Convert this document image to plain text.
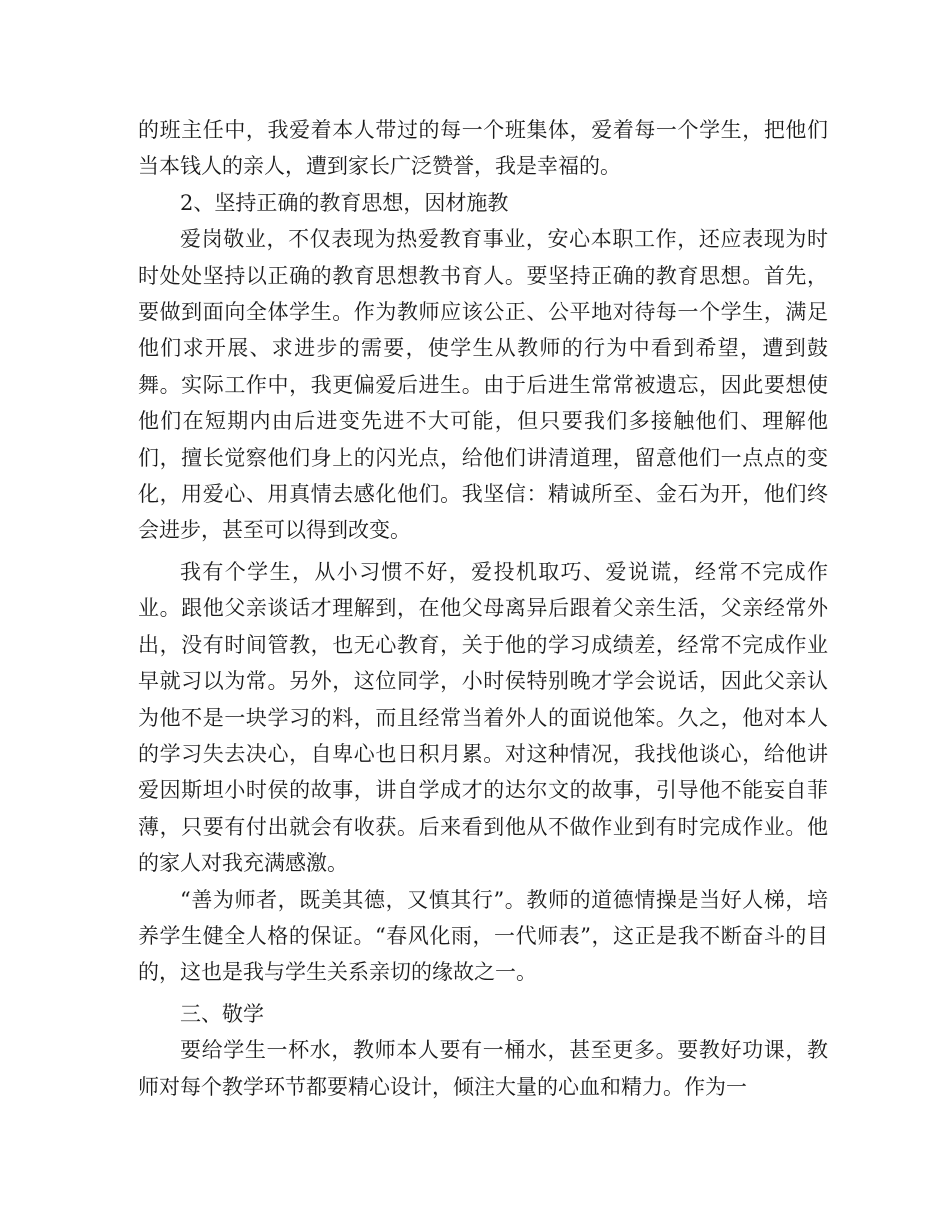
的班主任中，我爱着本人带过的每一个班集体，爱着每一个学生，把他们当本钱人的亲人，遭到家长广泛赞誉，我是幸福的。

2、坚持正确的教育思想，因材施教

爱岗敬业，不仅表现为热爱教育事业，安心本职工作，还应表现为时时处处坚持以正确的教育思想教书育人。要坚持正确的教育思想。首先，要做到面向全体学生。作为教师应该公正、公平地对待每一个学生，满足他们求开展、求进步的需要，使学生从教师的行为中看到希望，遭到鼓舞。实际工作中，我更偏爱后进生。由于后进生常常被遗忘，因此要想使他们在短期内由后进变先进不大可能，但只要我们多接触他们、理解他们，擅长觉察他们身上的闪光点，给他们讲清道理，留意他们一点点的变化，用爱心、用真情去感化他们。我坚信：精诚所至、金石为开，他们终会进步，甚至可以得到改变。

我有个学生，从小习惯不好，爱投机取巧、爱说谎，经常不完成作业。跟他父亲谈话才理解到，在他父母离异后跟着父亲生活，父亲经常外出，没有时间管教，也无心教育，关于他的学习成绩差，经常不完成作业早就习以为常。另外，这位同学，小时侯特别晚才学会说话，因此父亲认为他不是一块学习的料，而且经常当着外人的面说他笨。久之，他对本人的学习失去决心，自卑心也日积月累。对这种情况，我找他谈心，给他讲爱因斯坦小时侯的故事，讲自学成才的达尔文的故事，引导他不能妄自菲薄，只要有付出就会有收获。后来看到他从不做作业到有时完成作业。他的家人对我充满感激。

“善为师者，既美其德，又慎其行”。教师的道德情操是当好人梯，培养学生健全人格的保证。“春风化雨，一代师表”，这正是我不断奋斗的目的，这也是我与学生关系亲切的缘故之一。

三、敬学

要给学生一杯水，教师本人要有一桶水，甚至更多。要教好功课，教师对每个教学环节都要精心设计，倾注大量的心血和精力。作为一
